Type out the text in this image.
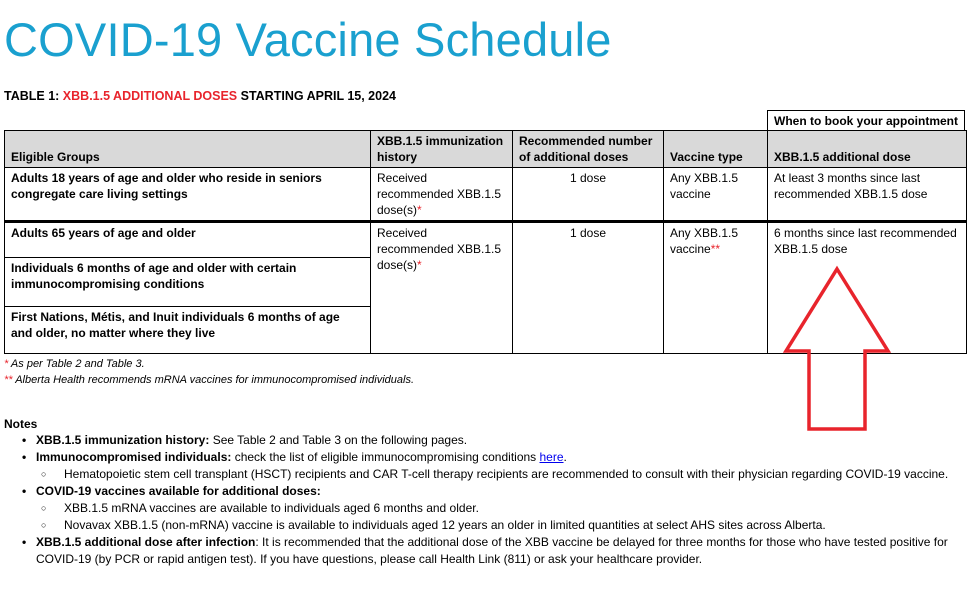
COVID-19 Vaccine Schedule
TABLE 1: XBB.1.5 ADDITIONAL DOSES STARTING APRIL 15, 2024
When to book your appointment
Eligible Groups	XBB.1.5 immunization history	Recommended number of additional doses	Vaccine type	XBB.1.5 additional dose
Adults 18 years of age and older who reside in seniors congregate care living settings	Received recommended XBB.1.5 dose(s)*	1 dose	Any XBB.1.5 vaccine	At least 3 months since last recommended XBB.1.5 dose
Adults 65 years of age and older	Received recommended XBB.1.5 dose(s)*	1 dose	Any XBB.1.5 vaccine**	6 months since last recommended XBB.1.5 dose
Individuals 6 months of age and older with certain immunocompromising conditions				
First Nations, Métis, and Inuit individuals 6 months of age and older, no matter where they live				
* As per Table 2 and Table 3.
** Alberta Health recommends mRNA vaccines for immunocompromised individuals.
Notes
• XBB.1.5 immunization history: See Table 2 and Table 3 on the following pages.
• Immunocompromised individuals: check the list of eligible immunocompromising conditions here.
○ Hematopoietic stem cell transplant (HSCT) recipients and CAR T-cell therapy recipients are recommended to consult with their physician regarding COVID-19 vaccine.
• COVID-19 vaccines available for additional doses:
○ XBB.1.5 mRNA vaccines are available to individuals aged 6 months and older.
○ Novavax XBB.1.5 (non-mRNA) vaccine is available to individuals aged 12 years an older in limited quantities at select AHS sites across Alberta.
• XBB.1.5 additional dose after infection: It is recommended that the additional dose of the XBB vaccine be delayed for three months for those who have tested positive for COVID-19 (by PCR or rapid antigen test). If you have questions, please call Health Link (811) or ask your healthcare provider.
